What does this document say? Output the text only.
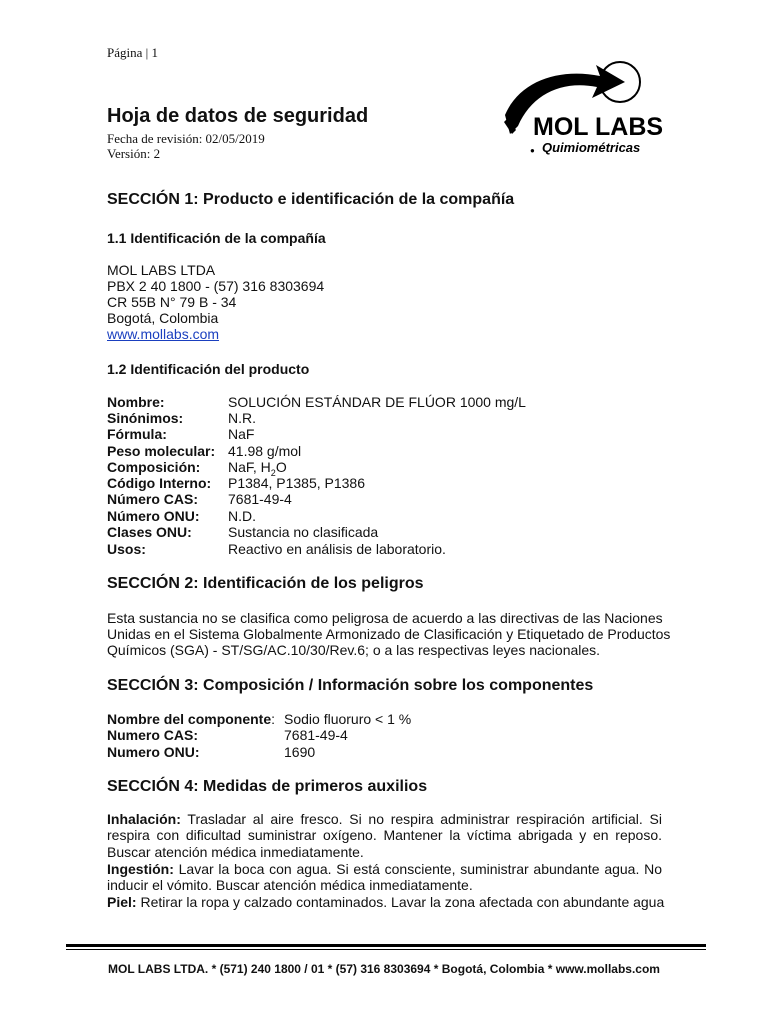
Página | 1
Hoja de datos de seguridad
Fecha de revisión: 02/05/2019
Versión: 2
MOL LABS
● Quimiométricas
SECCIÓN 1: Producto e identificación de la compañía
1.1 Identificación de la compañía
MOL LABS LTDA
PBX 2 40 1800 - (57) 316 8303694
CR 55B N° 79 B - 34
Bogotá, Colombia
www.mollabs.com
1.2 Identificación del producto
Nombre:	SOLUCIÓN ESTÁNDAR DE FLÚOR 1000 mg/L
Sinónimos:	N.R.
Fórmula:	NaF
Peso molecular: 41.98 g/mol
Composición: NaF, $H_2O$
Código Interno: P1384, P1385, P1386
Número CAS: 7681-49-4
Número ONU: N.D.
Clases ONU:	Sustancia no clasificada
Usos:	Reactivo en análisis de laboratorio.
SECCIÓN 2: Identificación de los peligros
Esta sustancia no se clasifica como peligrosa de acuerdo a las directivas de las Naciones
Unidas en el Sistema Globalmente Armonizado de Clasificación y Etiquetado de Productos
Químicos (SGA) - ST/SG/AC.10/30/Rev.6; o a las respectivas leyes nacionales.
SECCIÓN 3: Composición / Información sobre los componentes
Nombre del componente: Sodio fluoruro < 1 %
Numero CAS:	7681-49-4
Numero ONU:	1690
SECCIÓN 4: Medidas de primeros auxilios
Inhalación: Trasladar al aire fresco. Si no respira administrar respiración artificial. Si respira con dificultad suministrar oxígeno. Mantener la víctima abrigada y en reposo. Buscar atención médica inmediatamente.
Ingestión: Lavar la boca con agua. Si está consciente, suministrar abundante agua. No inducir el vómito. Buscar atención médica inmediatamente.
Piel: Retirar la ropa y calzado contaminados. Lavar la zona afectada con abundante agua
MOL LABS LTDA. * (571) 240 1800 / 01 * (57) 316 8303694 * Bogotá, Colombia * www.mollabs.com
